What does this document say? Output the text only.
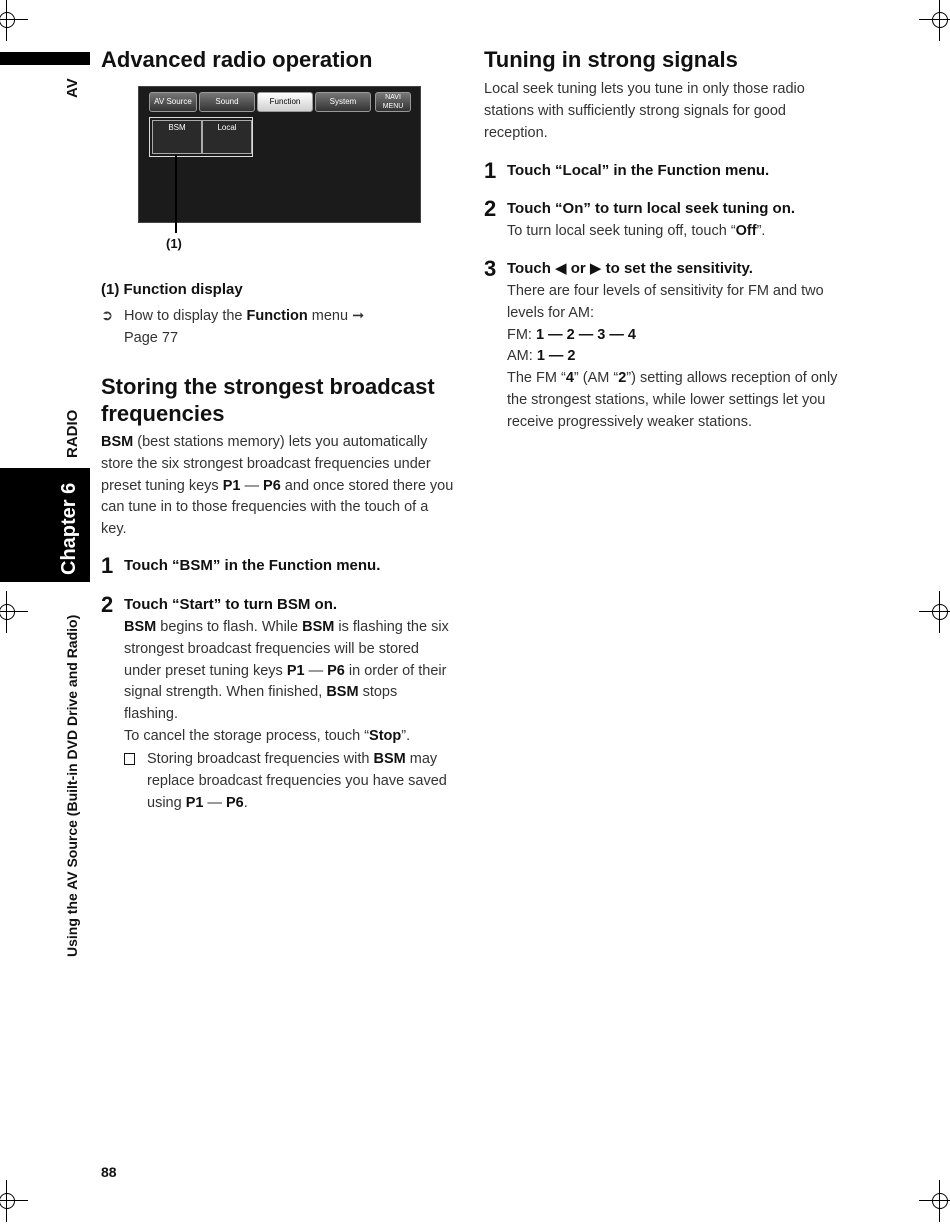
AV
RADIO
Chapter 6
Using the AV Source (Built-in DVD Drive and Radio)
Advanced radio operation
AV Source	Sound	Function	System	NAVI MENU
BSM	Local
(1)
(1) Function display
➲ How to display the Function menu ➞ Page 77
Storing the strongest broadcast
frequencies
BSM (best stations memory) lets you automatically store the six strongest broadcast frequencies under preset tuning keys P1 — P6 and once stored there you can tune in to those frequencies with the touch of a key.
1 Touch “BSM” in the Function menu.
2 Touch “Start” to turn BSM on.
BSM begins to flash. While BSM is flashing the six strongest broadcast frequencies will be stored under preset tuning keys P1 — P6 in order of their signal strength. When finished, BSM stops flashing.
To cancel the storage process, touch “Stop”.
Storing broadcast frequencies with BSM may replace broadcast frequencies you have saved using P1 — P6.
88
Tuning in strong signals
Local seek tuning lets you tune in only those radio stations with sufficiently strong signals for good reception.
1 Touch “Local” in the Function menu.
2 Touch “On” to turn local seek tuning on.
To turn local seek tuning off, touch “Off”.
3 Touch ◀ or ▶ to set the sensitivity.
There are four levels of sensitivity for FM and two levels for AM:
FM: 1 — 2 — 3 — 4
AM: 1 — 2
The FM “4” (AM “2”) setting allows reception of only the strongest stations, while lower settings let you receive progressively weaker stations.
